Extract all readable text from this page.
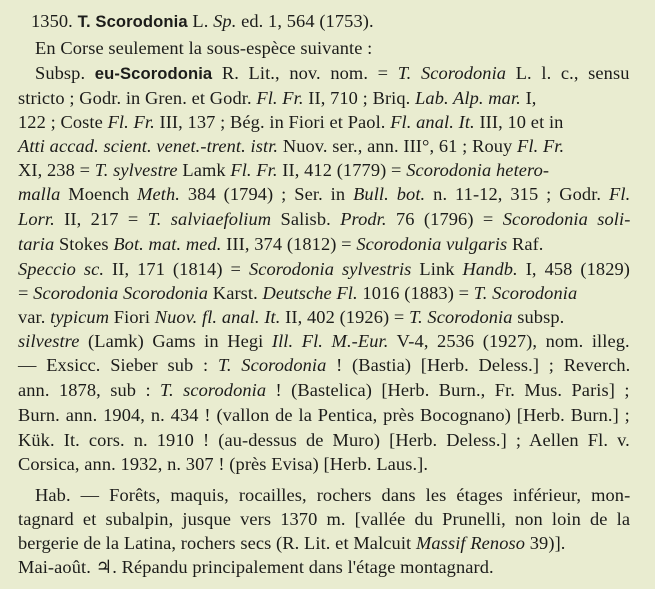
1350. T. Scorodonia L. Sp. ed. 1, 564 (1753).
En Corse seulement la sous-espèce suivante :
Subsp. eu-Scorodonia R. Lit., nov. nom. = T. Scorodonia L. l. c., sensu
stricto ; Godr. in Gren. et Godr. Fl. Fr. II, 710 ; Briq. Lab. Alp. mar. I,
122 ; Coste Fl. Fr. III, 137 ; Bég. in Fiori et Paol. Fl. anal. It. III, 10 et in
Atti accad. scient. venet.-trent. istr. Nuov. ser., ann. III°, 61 ; Rouy Fl. Fr.
XI, 238 = T. sylvestre Lamk Fl. Fr. II, 412 (1779) = Scorodonia hetero-
malla Moench Meth. 384 (1794) ; Ser. in Bull. bot. n. 11-12, 315 ; Godr. Fl.
Lorr. II, 217 = T. salviaefolium Salisb. Prodr. 76 (1796) = Scorodonia soli-
taria Stokes Bot. mat. med. III, 374 (1812) = Scorodonia vulgaris Raf.
Speccio sc. II, 171 (1814) = Scorodonia sylvestris Link Handb. I, 458 (1829)
= Scorodonia Scorodonia Karst. Deutsche Fl. 1016 (1883) = T. Scorodonia
var. typicum Fiori Nuov. fl. anal. It. II, 402 (1926) = T. Scorodonia subsp.
silvestre (Lamk) Gams in Hegi Ill. Fl. M.-Eur. V-4, 2536 (1927), nom. illeg.
— Exsicc. Sieber sub : T. Scorodonia ! (Bastia) [Herb. Deless.] ; Reverch.
ann. 1878, sub : T. scorodonia ! (Bastelica) [Herb. Burn., Fr. Mus. Paris] ;
Burn. ann. 1904, n. 434 ! (vallon de la Pentica, près Bocognano) [Herb. Burn.] ;
Kük. It. cors. n. 1910 ! (au-dessus de Muro) [Herb. Deless.] ; Aellen Fl. v.
Corsica, ann. 1932, n. 307 ! (près Evisa) [Herb. Laus.].
Hab. — Forêts, maquis, rocailles, rochers dans les étages inférieur, mon-
tagnard et subalpin, jusque vers 1370 m. [vallée du Prunelli, non loin de la
bergerie de la Latina, rochers secs (R. Lit. et Malcuit Massif Renoso 39)].
Mai-août. ♃. Répandu principalement dans l'étage montagnard.
